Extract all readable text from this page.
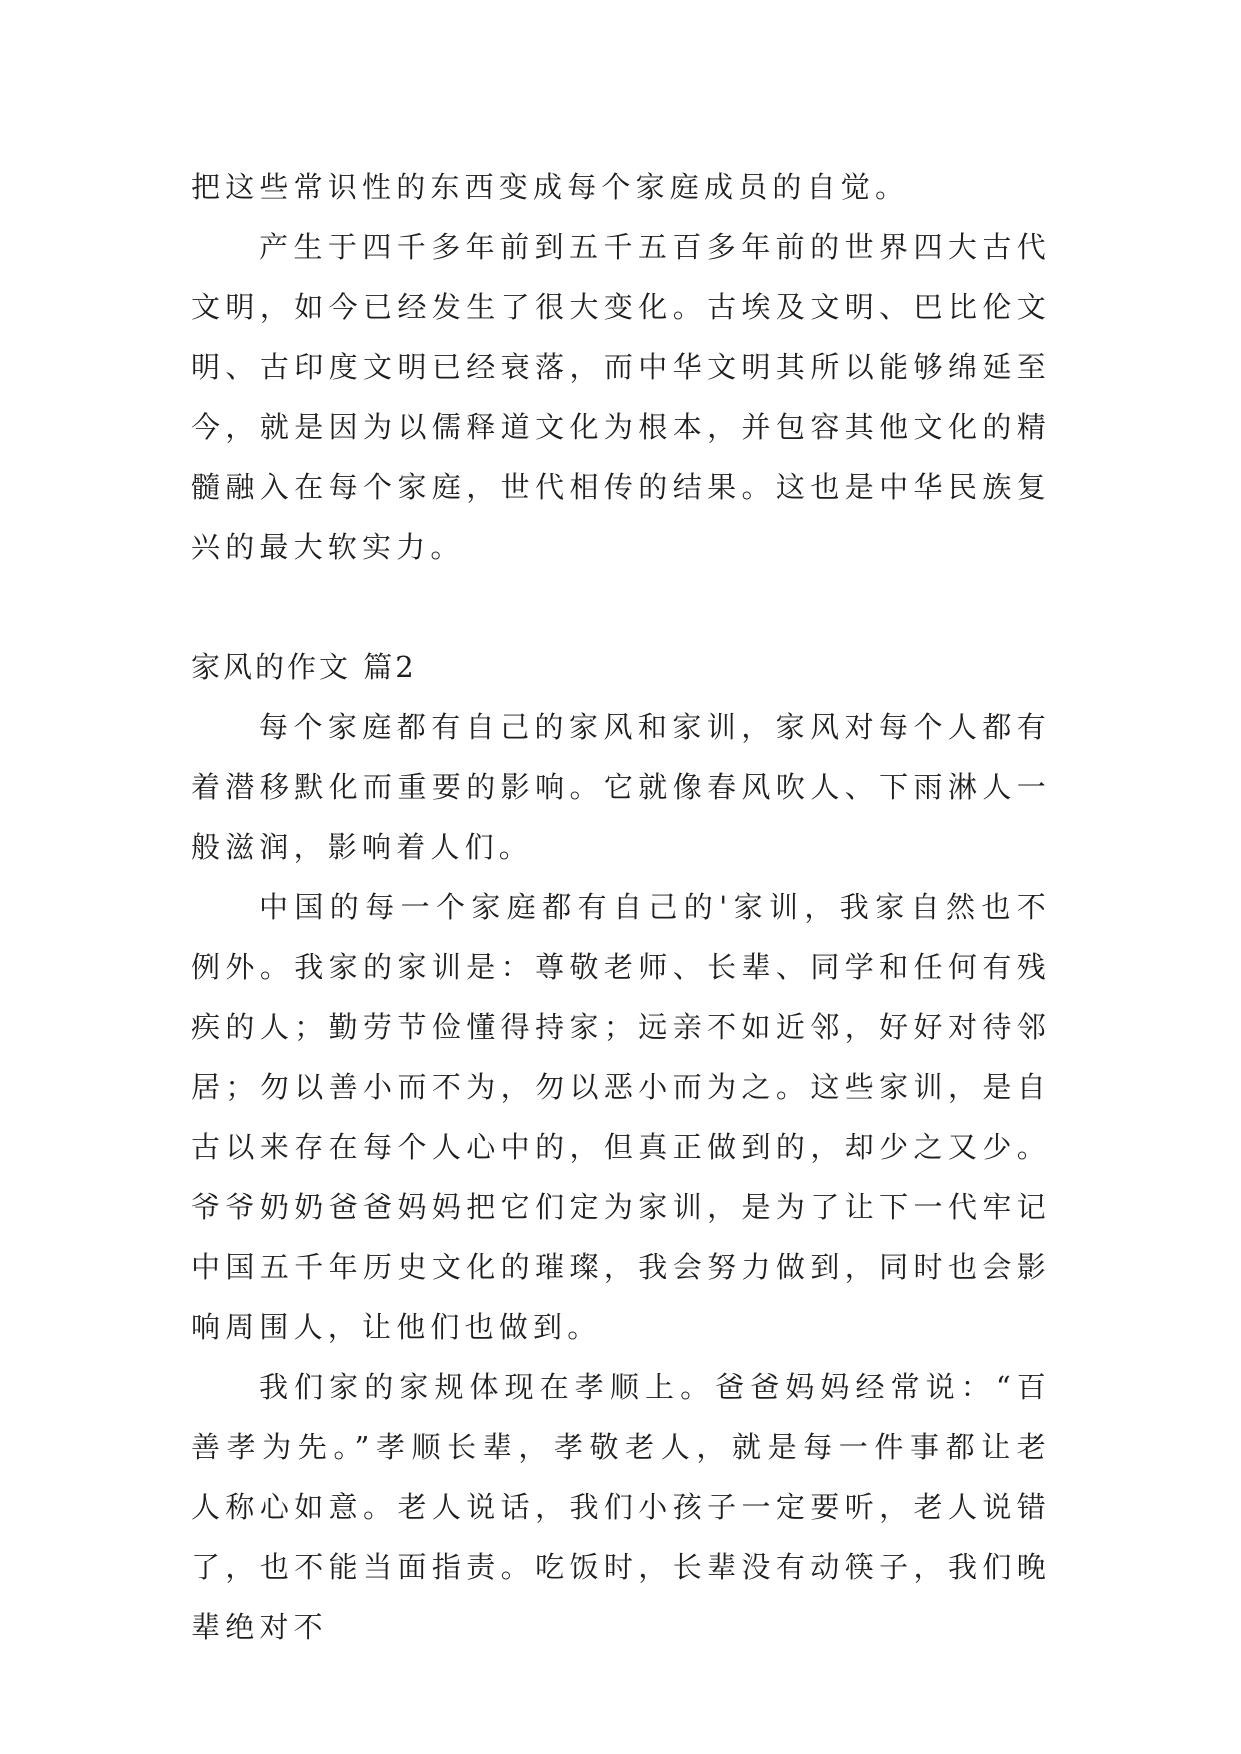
把这些常识性的东西变成每个家庭成员的自觉。

产生于四千多年前到五千五百多年前的世界四大古代文明，如今已经发生了很大变化。古埃及文明、巴比伦文明、古印度文明已经衰落，而中华文明其所以能够绵延至今，就是因为以儒释道文化为根本，并包容其他文化的精髓融入在每个家庭，世代相传的结果。这也是中华民族复兴的最大软实力。

家风的作文 篇2

每个家庭都有自己的家风和家训，家风对每个人都有着潜移默化而重要的影响。它就像春风吹人、下雨淋人一般滋润，影响着人们。

中国的每一个家庭都有自己的'家训，我家自然也不例外。我家的家训是：尊敬老师、长辈、同学和任何有残疾的人；勤劳节俭懂得持家；远亲不如近邻，好好对待邻居；勿以善小而不为，勿以恶小而为之。这些家训，是自古以来存在每个人心中的，但真正做到的，却少之又少。爷爷奶奶爸爸妈妈把它们定为家训，是为了让下一代牢记中国五千年历史文化的璀璨，我会努力做到，同时也会影响周围人，让他们也做到。

我们家的家规体现在孝顺上。爸爸妈妈经常说：“百善孝为先。”孝顺长辈，孝敬老人，就是每一件事都让老人称心如意。老人说话，我们小孩子一定要听，老人说错了，也不能当面指责。吃饭时，长辈没有动筷子，我们晚辈绝对不
